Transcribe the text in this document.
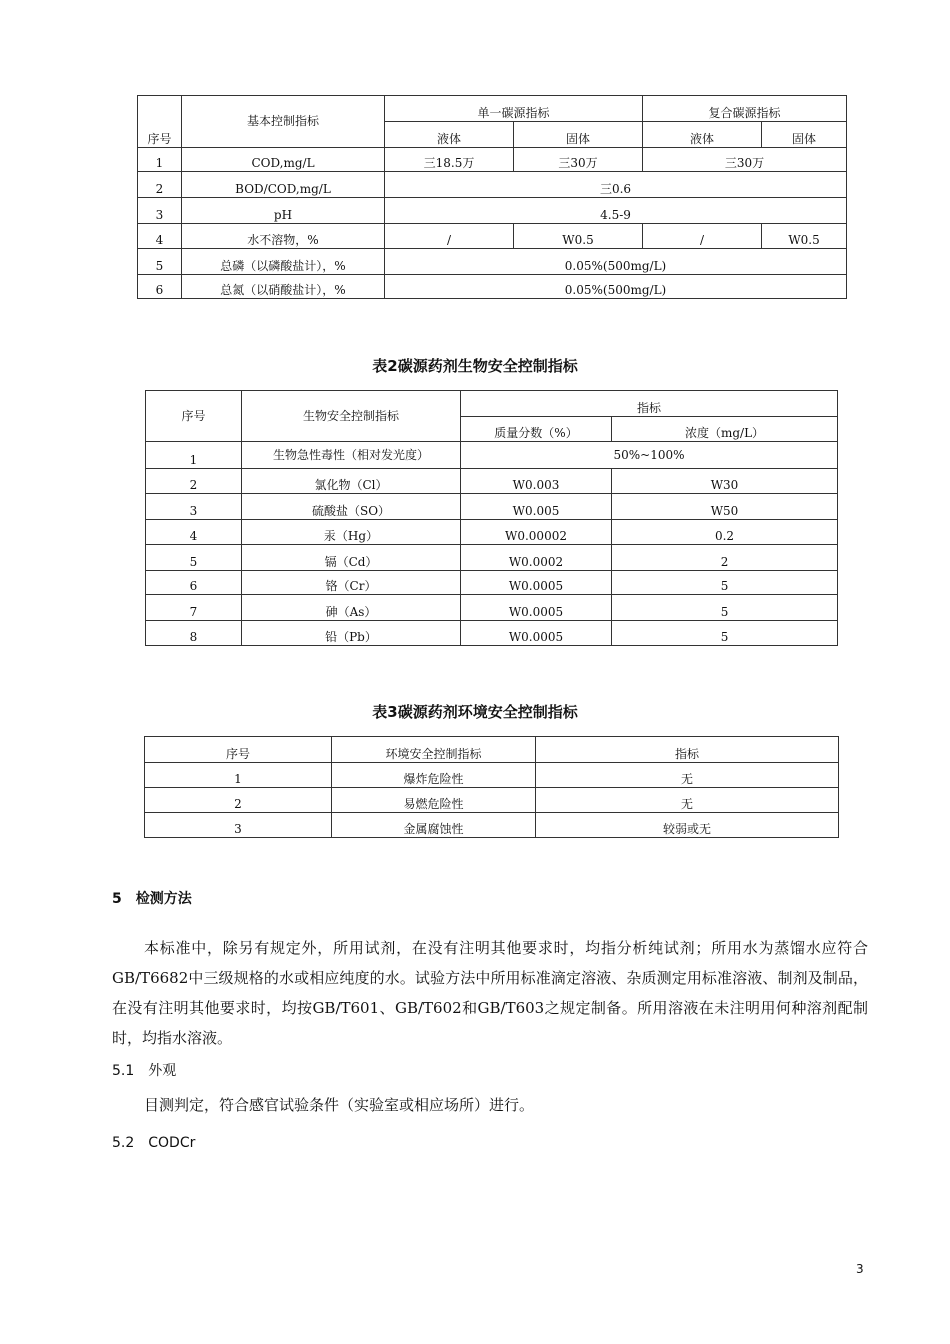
序号	基本控制指标	单一碳源指标		复合碳源指标	
		液体	固体	液体	固体
1	COD,mg/L	三18.5万	三30万	三30万	
2	BOD/COD,mg/L	三0.6			
3	pH	4.5-9			
4	水不溶物，%	/	W0.5	/	W0.5
5	总磷（以磷酸盐计），%	0.05%(500mg/L)			
6	总氮（以硝酸盐计），%	0.05%(500mg/L)			
表2碳源药剂生物安全控制指标
序号	生物安全控制指标	指标	
		质量分数（%）	浓度（mg/L）
1	生物急性毒性（相对发光度）	50%~100%	
2	氯化物（Cl）	W0.003	W30
3	硫酸盐（SO）	W0.005	W50
4	汞（Hg）	W0.00002	0.2
5	镉（Cd）	W0.0002	2
6	铬（Cr）	W0.0005	5
7	砷（As）	W0.0005	5
8	铅（Pb）	W0.0005	5
表3碳源药剂环境安全控制指标
序号	环境安全控制指标	指标
1	爆炸危险性	无
2	易燃危险性	无
3	金属腐蚀性	较弱或无
5　检测方法
本标准中，除另有规定外，所用试剂，在没有注明其他要求时，均指分析纯试剂；所用水为蒸馏水应符合GB/T6682中三级规格的水或相应纯度的水。试验方法中所用标准滴定溶液、杂质测定用标准溶液、制剂及制品，在没有注明其他要求时，均按GB/T601、GB/T602和GB/T603之规定制备。所用溶液在未注明用何种溶剂配制时，均指水溶液。
5.1　外观
目测判定，符合感官试验条件（实验室或相应场所）进行。
5.2　CODCr
3
